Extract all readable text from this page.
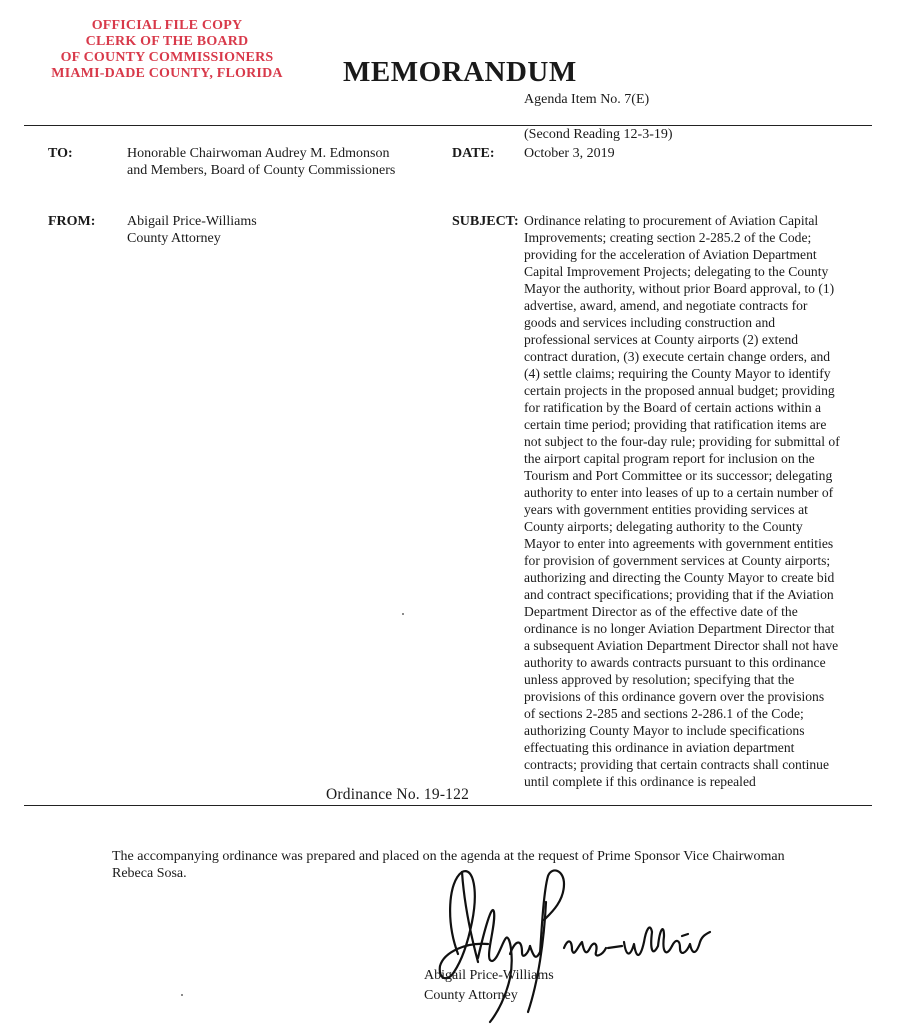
OFFICIAL FILE COPY
CLERK OF THE BOARD
OF COUNTY COMMISSIONERS
MIAMI-DADE COUNTY, FLORIDA	MEMORANDUM
Agenda Item No. 7(E)
(Second Reading 12-3-19)
TO:	Honorable Chairwoman Audrey M. Edmonson
and Members, Board of County Commissioners
DATE: October 3, 2019
FROM: Abigail Price-Williams
County Attorney
SUBJECT: Ordinance relating to procurement of Aviation Capital
Improvements; creating section 2-285.2 of the Code;
providing for the acceleration of Aviation Department
Capital Improvement Projects; delegating to the County
Mayor the authority, without prior Board approval, to (1)
advertise, award, amend, and negotiate contracts for
goods and services including construction and
professional services at County airports (2) extend
contract duration, (3) execute certain change orders, and
(4) settle claims; requiring the County Mayor to identify
certain projects in the proposed annual budget; providing
for ratification by the Board of certain actions within a
certain time period; providing that ratification items are
not subject to the four-day rule; providing for submittal of
the airport capital program report for inclusion on the
Tourism and Port Committee or its successor; delegating
authority to enter into leases of up to a certain number of
years with government entities providing services at
County airports; delegating authority to the County
Mayor to enter into agreements with government entities
for provision of government services at County airports;
authorizing and directing the County Mayor to create bid
and contract specifications; providing that if the Aviation
Department Director as of the effective date of the
ordinance is no longer Aviation Department Director that
a subsequent Aviation Department Director shall not have
authority to awards contracts pursuant to this ordinance
unless approved by resolution; specifying that the
provisions of this ordinance govern over the provisions
of sections 2-285 and sections 2-286.1 of the Code;
authorizing County Mayor to include specifications
effectuating this ordinance in aviation department
contracts; providing that certain contracts shall continue
until complete if this ordinance is repealed
Ordinance No. 19-122
The accompanying ordinance was prepared and placed on the agenda at the request of Prime Sponsor Vice Chairwoman
Rebeca Sosa.
Abigail Price-Williams
County Attorney
